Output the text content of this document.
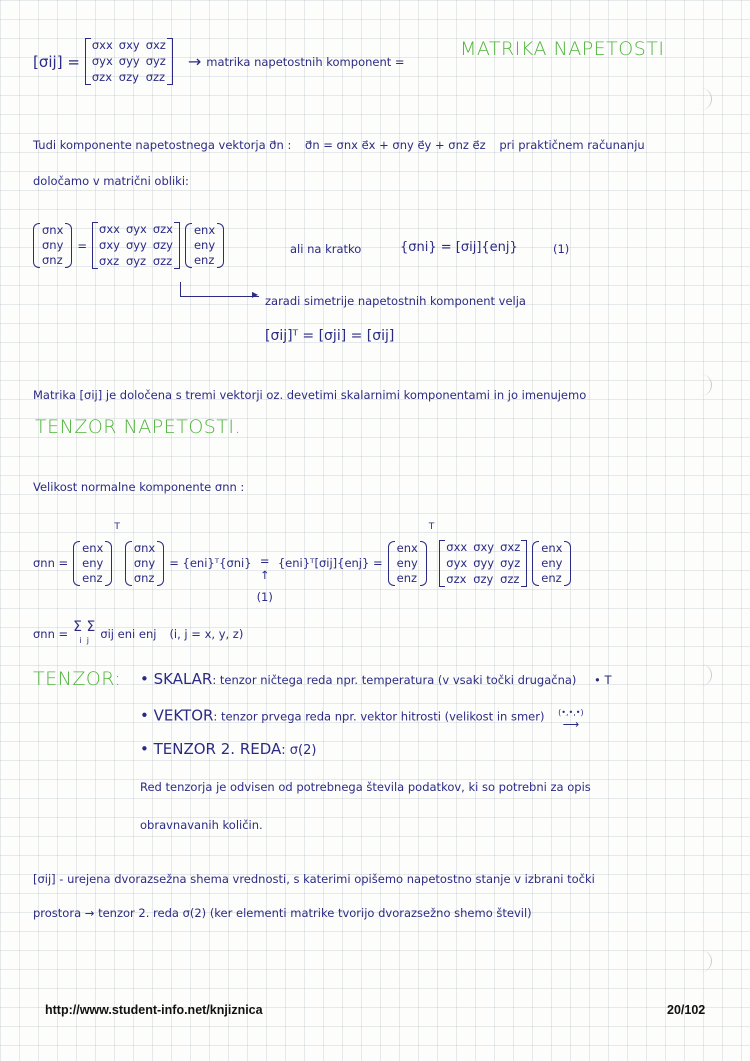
[σij] =
σxx σxy σxz
σyx σyy σyz
σzx σzy σzz
→ matrika napetostnih komponent =
MATRIKA NAPETOSTI
Tudi komponente napetostnega vektorja σ⃗n : σ⃗n = σnx e⃗x + σny e⃗y + σnz e⃗z pri praktičnem računanju
določamo v matrični obliki:
σnx
σny
σnz
=
σxx σyx σzx
σxy σyy σzy
σxz σyz σzz
enx
eny
enz
ali na kratko	{σni} = [σij]{enj}	(1)
▸ zaradi simetrije napetostnih komponent velja
[σij]ᵀ = [σji] = [σij]
Matrika [σij] je določena s tremi vektorji oz. devetimi skalarnimi komponentami in jo imenujemo
TENZOR NAPETOSTI.
Velikost normalne komponente σnn :
σnn =
enx
eny
enz
T
σnx
σny
σnz
= {eni}ᵀ{σni} =
↑
(1)
{eni}ᵀ[σij]{enj} =
enx
eny
enz
T
σxx σxy σxz
σyx σyy σyz
σzx σzy σzz
enx
eny
enz
σnn = Σ Σ
i  j σij eni enj (i, j = x, y, z)
TENZOR: • SKALAR: tenzor ničtega reda npr. temperatura (v vsaki točki drugačna) • T
• VEKTOR: tenzor prvega reda npr. vektor hitrosti (velikost in smer) (•,•,•)
⟶
• TENZOR 2. REDA: σ(2)
Red tenzorja je odvisen od potrebnega števila podatkov, ki so potrebni za opis
obravnavanih količin.
[σij] - urejena dvorazsežna shema vrednosti, s katerimi opišemo napetostno stanje v izbrani točki
prostora → tenzor 2. reda σ(2) (ker elementi matrike tvorijo dvorazsežno shemo števil)
http://www.student-info.net/knjiznica	20/102
